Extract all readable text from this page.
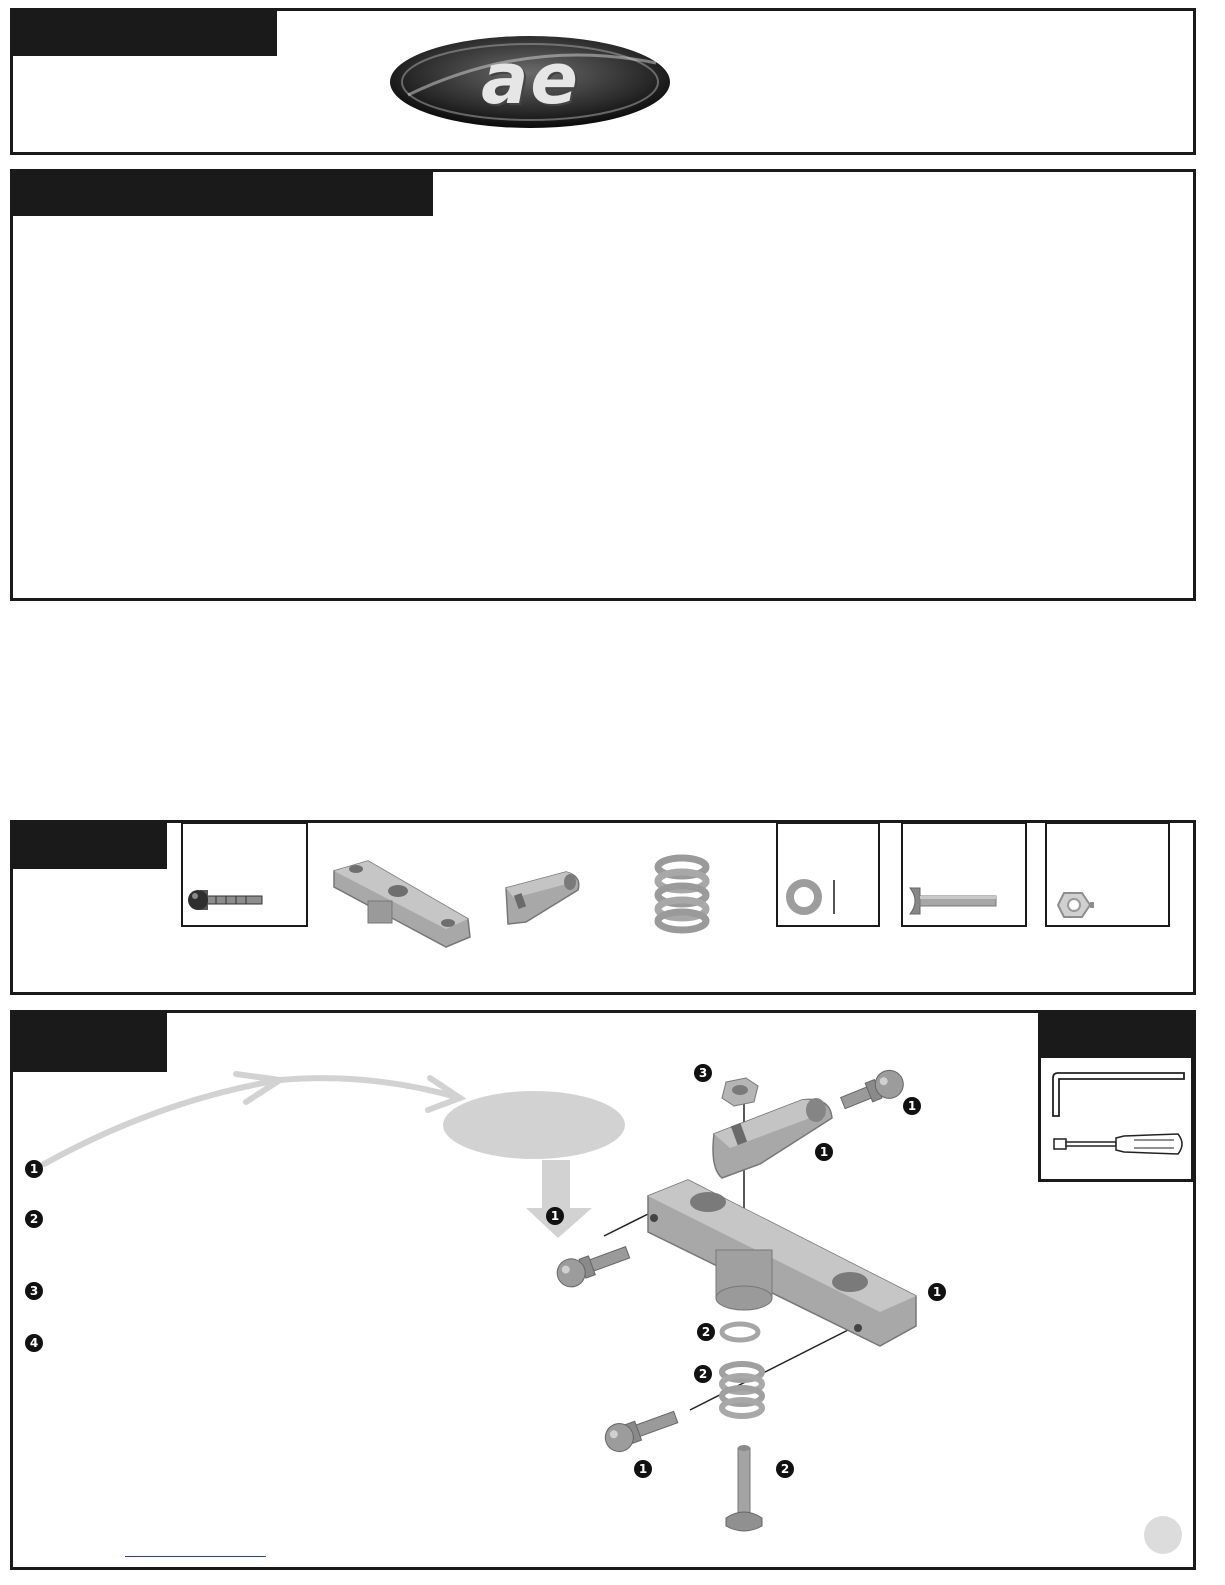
ae
1
2
3
4
3
1
1
1
1
2
2
1	2
